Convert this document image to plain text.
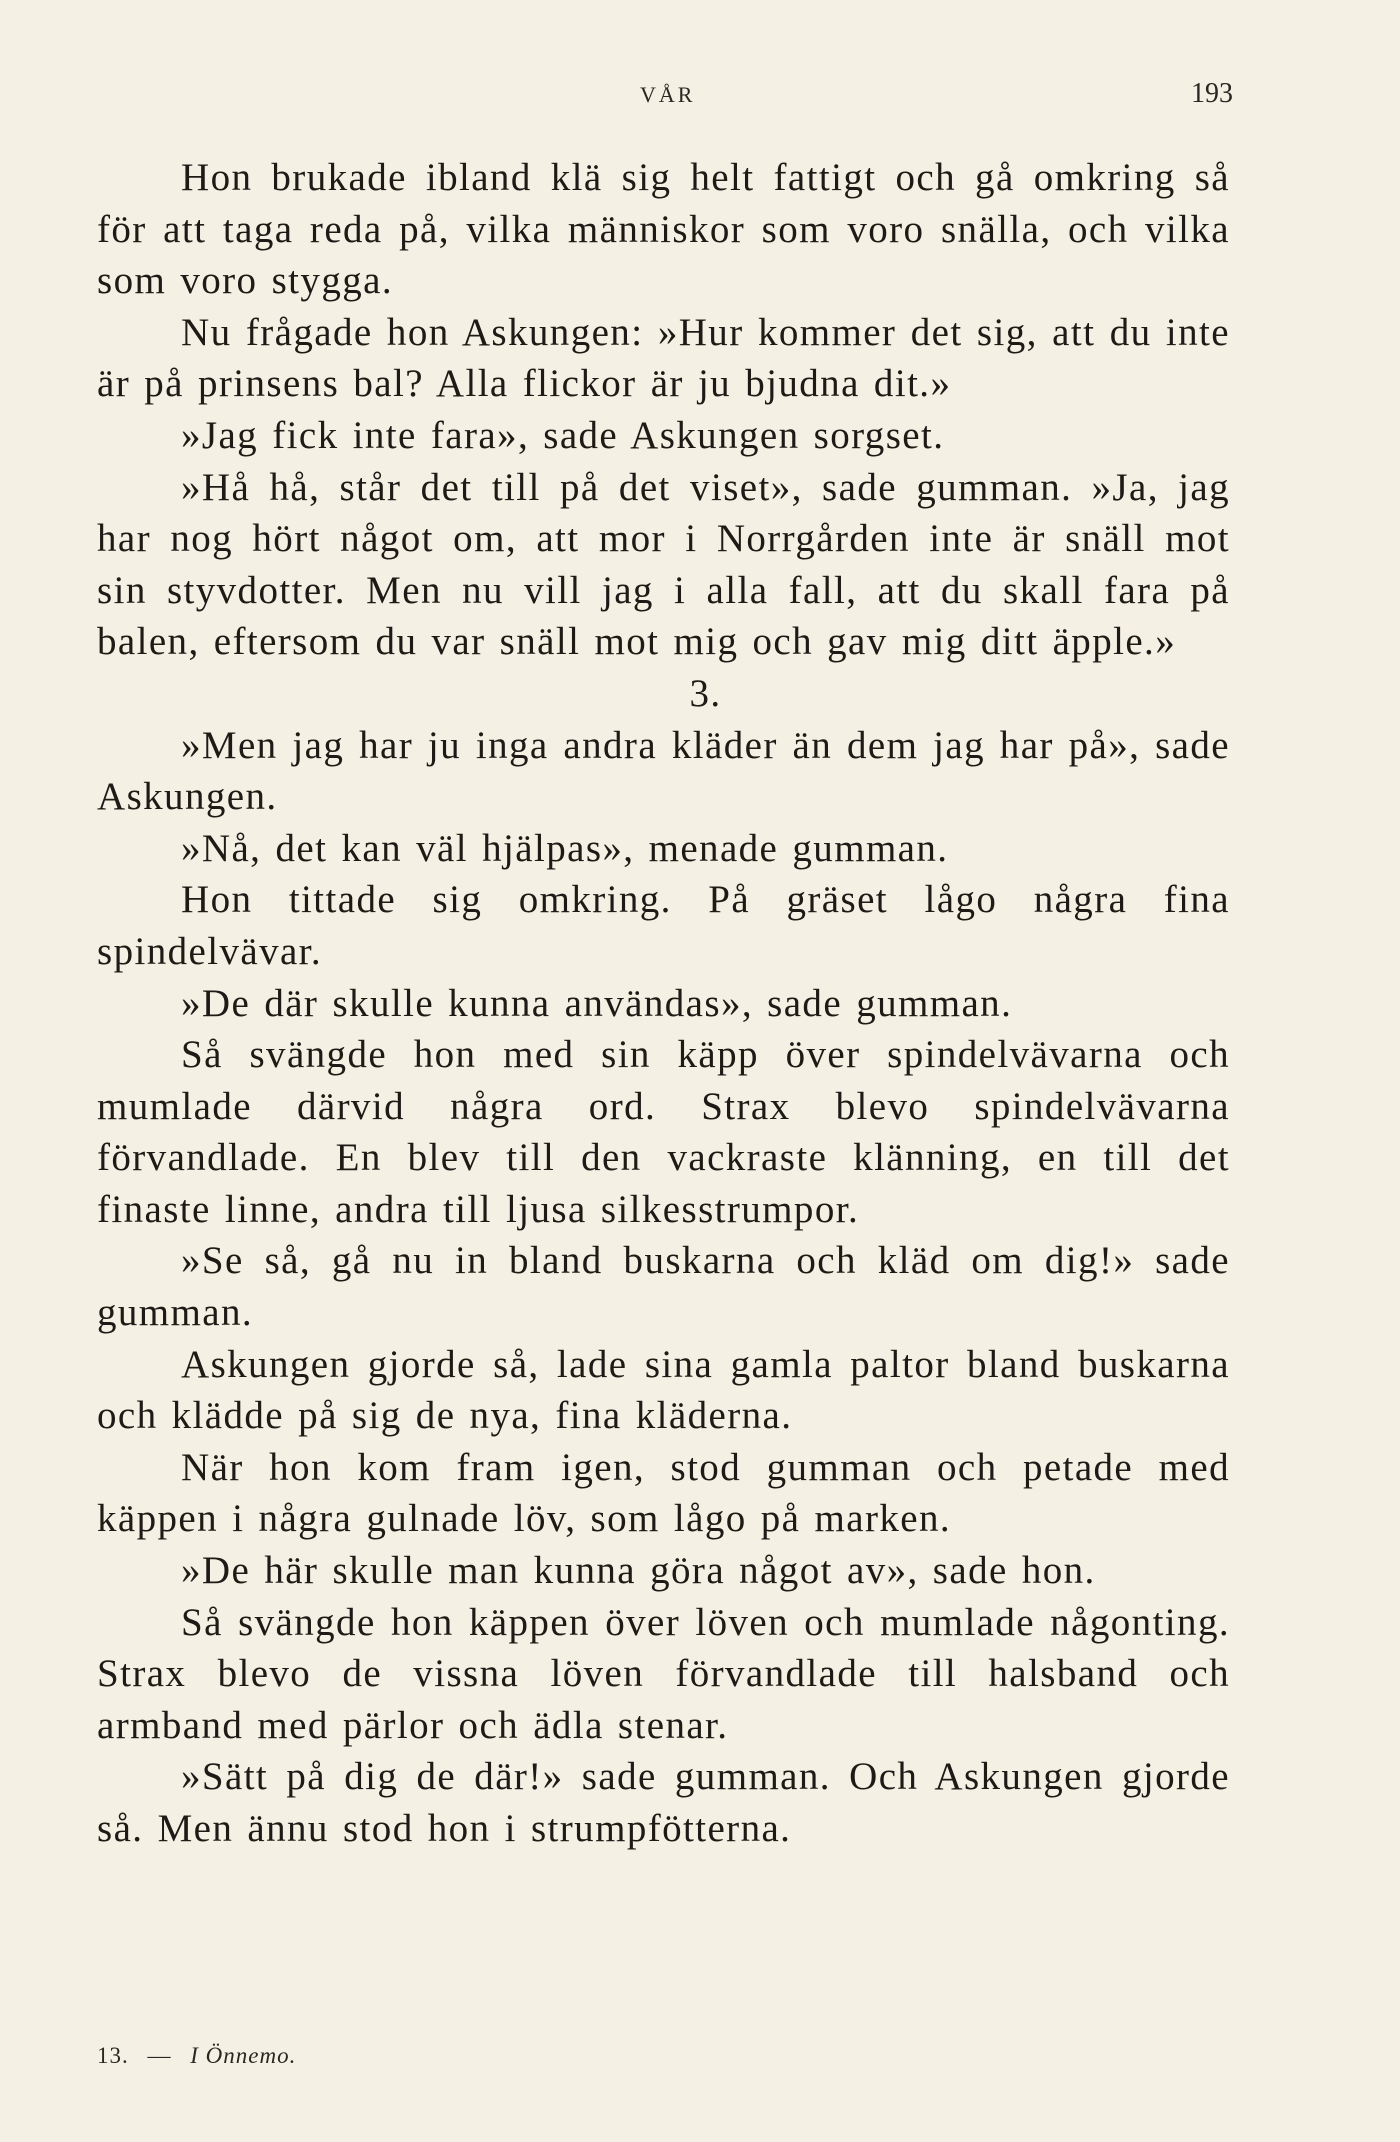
VÅR	193

Hon brukade ibland klä sig helt fattigt och gå omkring så för att taga reda på, vilka människor som voro snälla, och vilka som voro stygga.

Nu frågade hon Askungen: »Hur kommer det sig, att du inte är på prinsens bal? Alla flickor är ju bjudna dit.»

»Jag fick inte fara», sade Askungen sorgset.

»Hå hå, står det till på det viset», sade gumman. »Ja, jag har nog hört något om, att mor i Norrgården inte är snäll mot sin styvdotter. Men nu vill jag i alla fall, att du skall fara på balen, eftersom du var snäll mot mig och gav mig ditt äpple.»

3.

»Men jag har ju inga andra kläder än dem jag har på», sade Askungen.

»Nå, det kan väl hjälpas», menade gumman.

Hon tittade sig omkring. På gräset lågo några fina spindelvävar.

»De där skulle kunna användas», sade gumman.

Så svängde hon med sin käpp över spindelvävarna och mumlade därvid några ord. Strax blevo spindelvävarna förvandlade. En blev till den vackraste klänning, en till det finaste linne, andra till ljusa silkesstrumpor.

»Se så, gå nu in bland buskarna och kläd om dig!» sade gumman.

Askungen gjorde så, lade sina gamla paltor bland buskarna och klädde på sig de nya, fina kläderna.

När hon kom fram igen, stod gumman och petade med käppen i några gulnade löv, som lågo på marken.

»De här skulle man kunna göra något av», sade hon.

Så svängde hon käppen över löven och mumlade någonting. Strax blevo de vissna löven förvandlade till halsband och armband med pärlor och ädla stenar.

»Sätt på dig de där!» sade gumman. Och Askungen gjorde så. Men ännu stod hon i strumpfötterna.

13. — I Önnemo.
